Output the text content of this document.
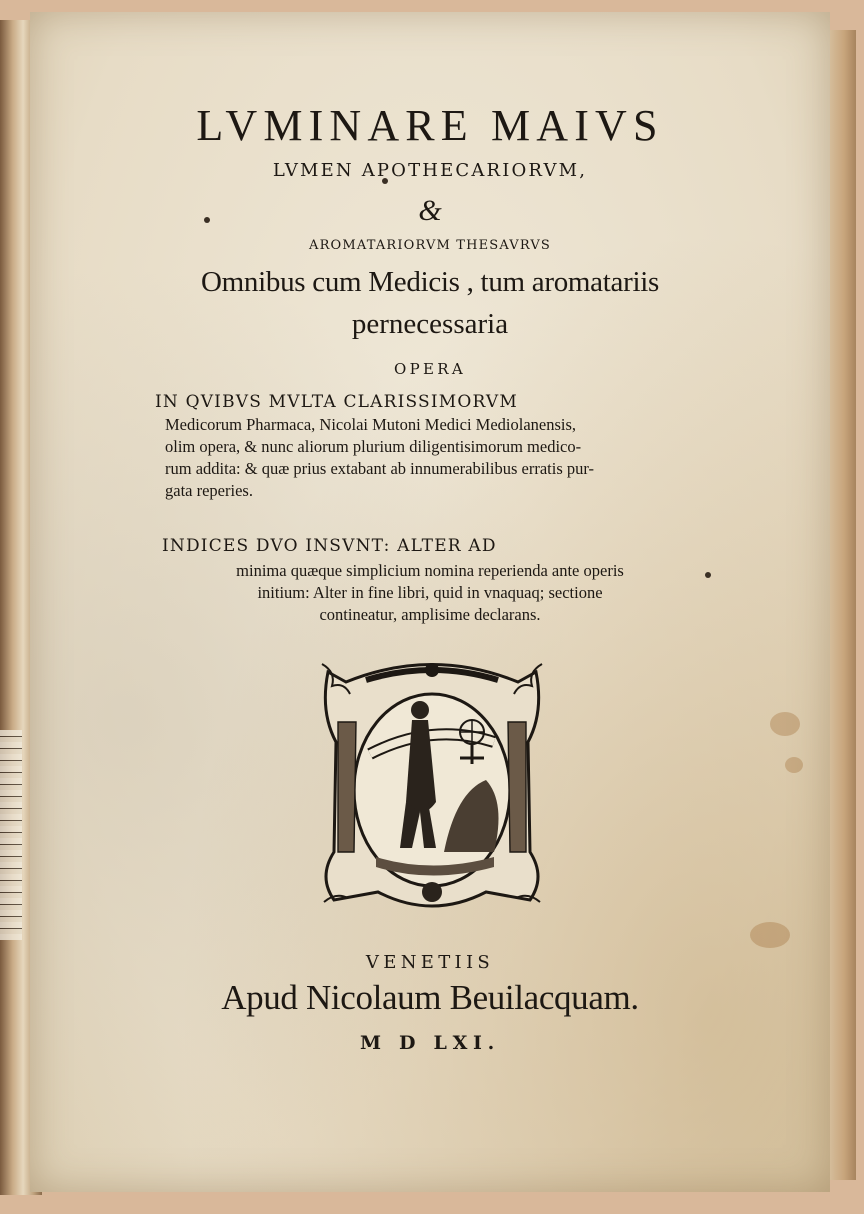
LVMINARE MAIVS
LVMEN APOTHECARIORVM,
&
AROMATARIORVM THESAVRVS
Omnibus cum Medicis , tum aromatariis
pernecessaria
OPERA
IN QVIBVS MVLTA CLARISSIMORVM
Medicorum Pharmaca, Nicolai Mutoni Medici Mediolanensis,
olim opera, & nunc aliorum plurium diligentisimorum medico-
rum addita: & quæ prius extabant ab innumerabilibus erratis pur-
gata reperies.
INDICES DVO INSVNT: ALTER AD
minima quæque simplicium nomina reperienda ante operis
initium: Alter in fine libri, quid in vnaquaq; sectione
contineatur, amplisime declarans.
VENETIIS
Apud Nicolaum Beuilacquam.
M D LXI.
